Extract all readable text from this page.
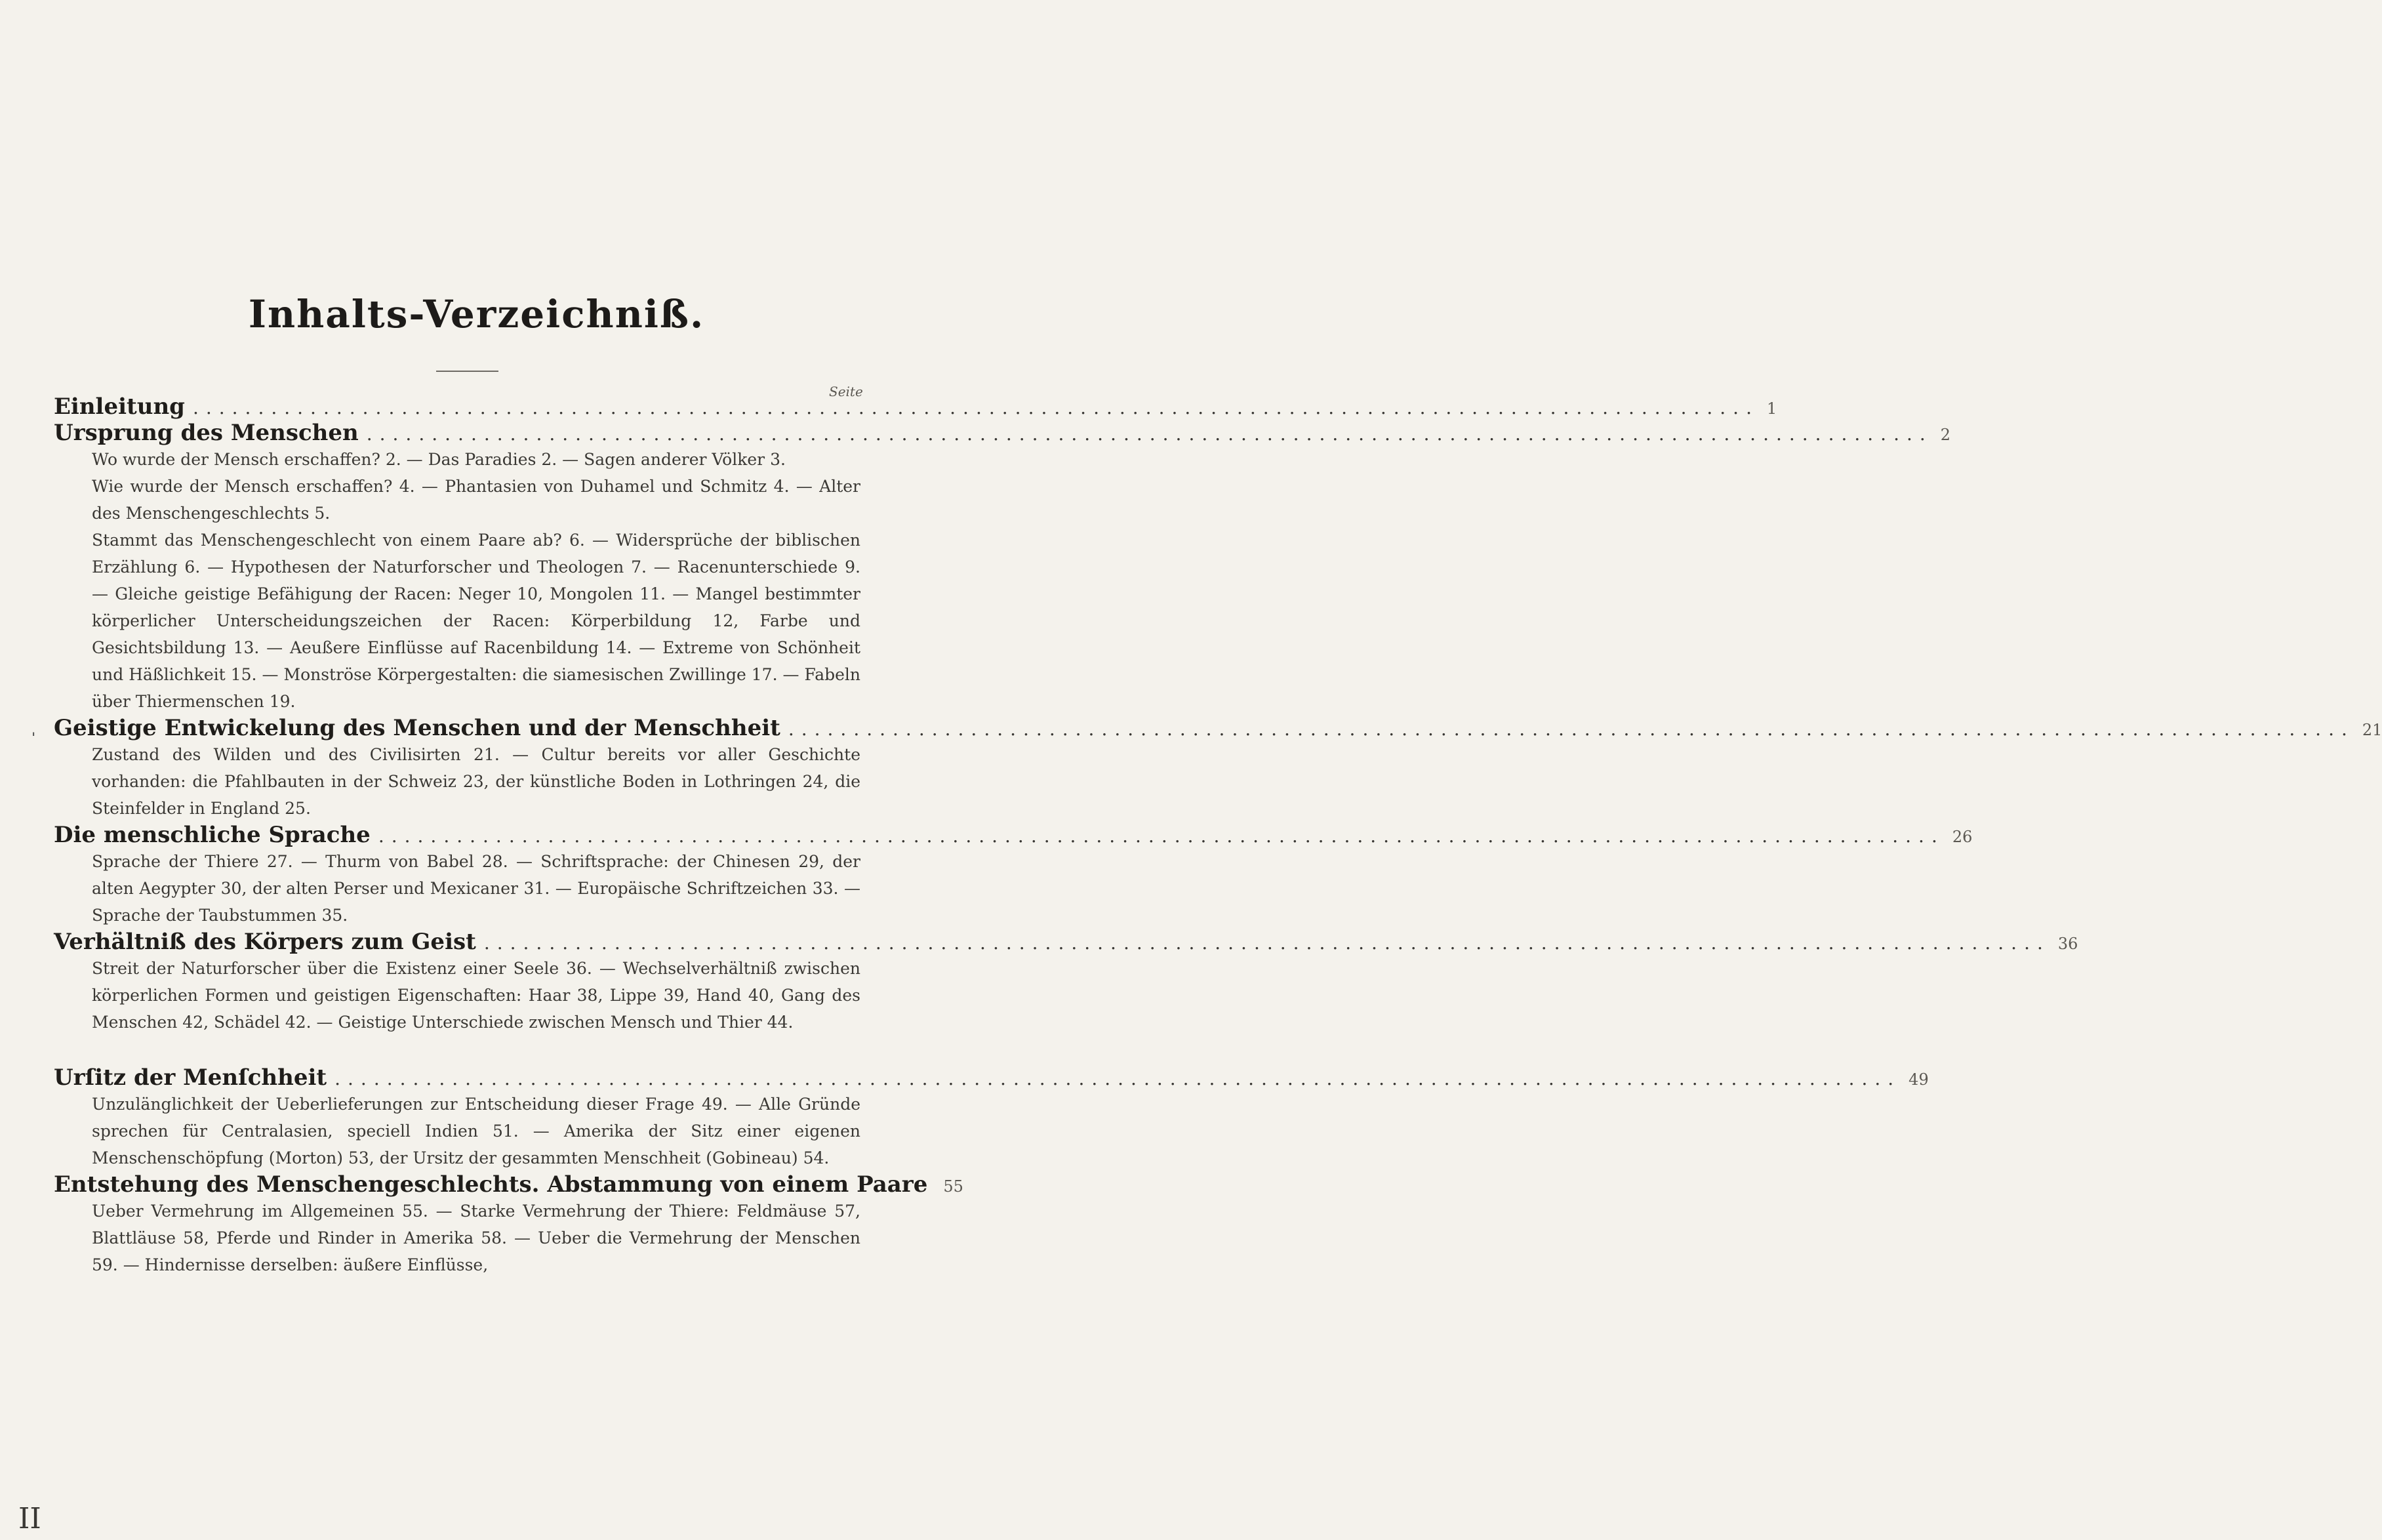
Inhalts-Verzeichniß.
Seite
Einleitung ........................................................................................................................ 1
Ursprung des Menschen ........................................................................................................................ 2

Wo wurde der Mensch erschaffen? 2. — Das Paradies 2. — Sagen anderer Völker 3.

Wie wurde der Mensch erschaffen? 4. — Phantasien von Duhamel und Schmitz 4. — Alter des Menschengeschlechts 5.

Stammt das Menschengeschlecht von einem Paare ab? 6. — Widersprüche der biblischen Erzählung 6. — Hypothesen der Naturforscher und Theologen 7. — Racenunterschiede 9. — Gleiche geistige Befähigung der Racen: Neger 10, Mongolen 11. — Mangel bestimmter körperlicher Unterscheidungszeichen der Racen: Körperbildung 12, Farbe und Gesichtsbildung 13. — Aeußere Einflüsse auf Racenbildung 14. — Extreme von Schönheit und Häßlichkeit 15. — Monströse Körpergestalten: die siamesischen Zwillinge 17. — Fabeln über Thiermenschen 19.

ˌ Geistige Entwickelung des Menschen und der Menschheit ........................................................................................................................ 21

Zustand des Wilden und des Civilisirten 21. — Cultur bereits vor aller Geschichte vorhanden: die Pfahlbauten in der Schweiz 23, der künstliche Boden in Lothringen 24, die Steinfelder in England 25.

Die menschliche Sprache ........................................................................................................................ 26

Sprache der Thiere 27. — Thurm von Babel 28. — Schriftsprache: der Chinesen 29, der alten Aegypter 30, der alten Perser und Mexicaner 31. — Europäische Schriftzeichen 33. — Sprache der Taubstummen 35.

Verhältniß des Körpers zum Geist ........................................................................................................................ 36

Streit der Naturforscher über die Existenz einer Seele 36. — Wechselverhältniß zwischen körperlichen Formen und geistigen Eigenschaften: Haar 38, Lippe 39, Hand 40, Gang des Menschen 42, Schädel 42. — Geistige Unterschiede zwischen Mensch und Thier 44.

Urſitz der Menſchheit ........................................................................................................................ 49

Unzulänglichkeit der Ueberlieferungen zur Entscheidung dieser Frage 49. — Alle Gründe sprechen für Centralasien, speciell Indien 51. — Amerika der Sitz einer eigenen Menschenschöpfung (Morton) 53, der Ursitz der gesammten Menschheit (Gobineau) 54.

Entstehung des Menschengeschlechts. Abstammung von einem Paare 55

Ueber Vermehrung im Allgemeinen 55. — Starke Vermehrung der Thiere: Feldmäuse 57, Blattläuse 58, Pferde und Rinder in Amerika 58. — Ueber die Vermehrung der Menschen 59. — Hindernisse derselben: äußere Einflüsse,

II
